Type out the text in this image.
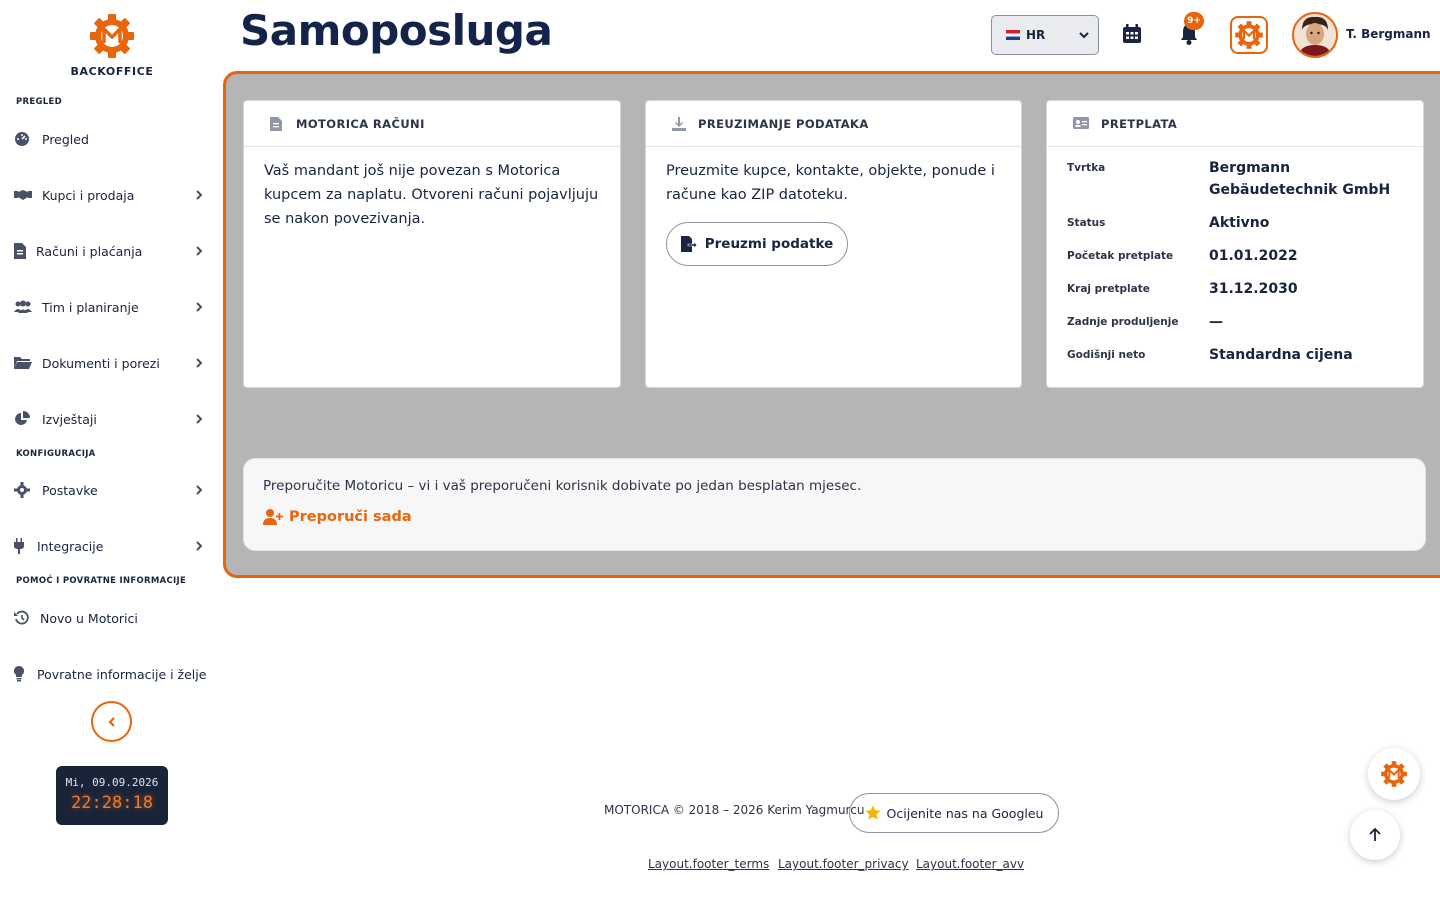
BACKOFFICE
PREGLED
Pregled
Kupci i prodaja
Računi i plaćanja
Tim i planiranje
Dokumenti i porezi
Izvještaji
KONFIGURACIJA
Postavke
Integracije
POMOĆ I POVRATNE INFORMACIJE
Novo u Motorici
Povratne informacije i želje
Mi, 09.09.2026
22:28:18
Samoposluga	HR
9+
T. Bergmann
MOTORICA RAČUNI
Vaš mandant još nije povezan s Motorica kupcem za naplatu. Otvoreni računi pojavljuju se nakon povezivanja.
PREUZIMANJE PODATAKA
Preuzmite kupce, kontakte, objekte, ponude i račune kao ZIP datoteku.
Preuzmi podatke
PRETPLATA
Tvrtka	Bergmann Gebäudetechnik GmbH
Status	Aktivno
Početak pretplate	01.01.2022
Kraj pretplate	31.12.2030
Zadnje produljenje —
Godišnji neto	Standardna cijena
Preporučite Motoricu – vi i vaš preporučeni korisnik dobivate po jedan besplatan mjesec.
Preporuči sada
MOTORICA © 2018 – 2026 Kerim Yagmurcu Ocijenite nas na Googleu
Layout.footer_terms Layout.footer_privacy Layout.footer_avv
